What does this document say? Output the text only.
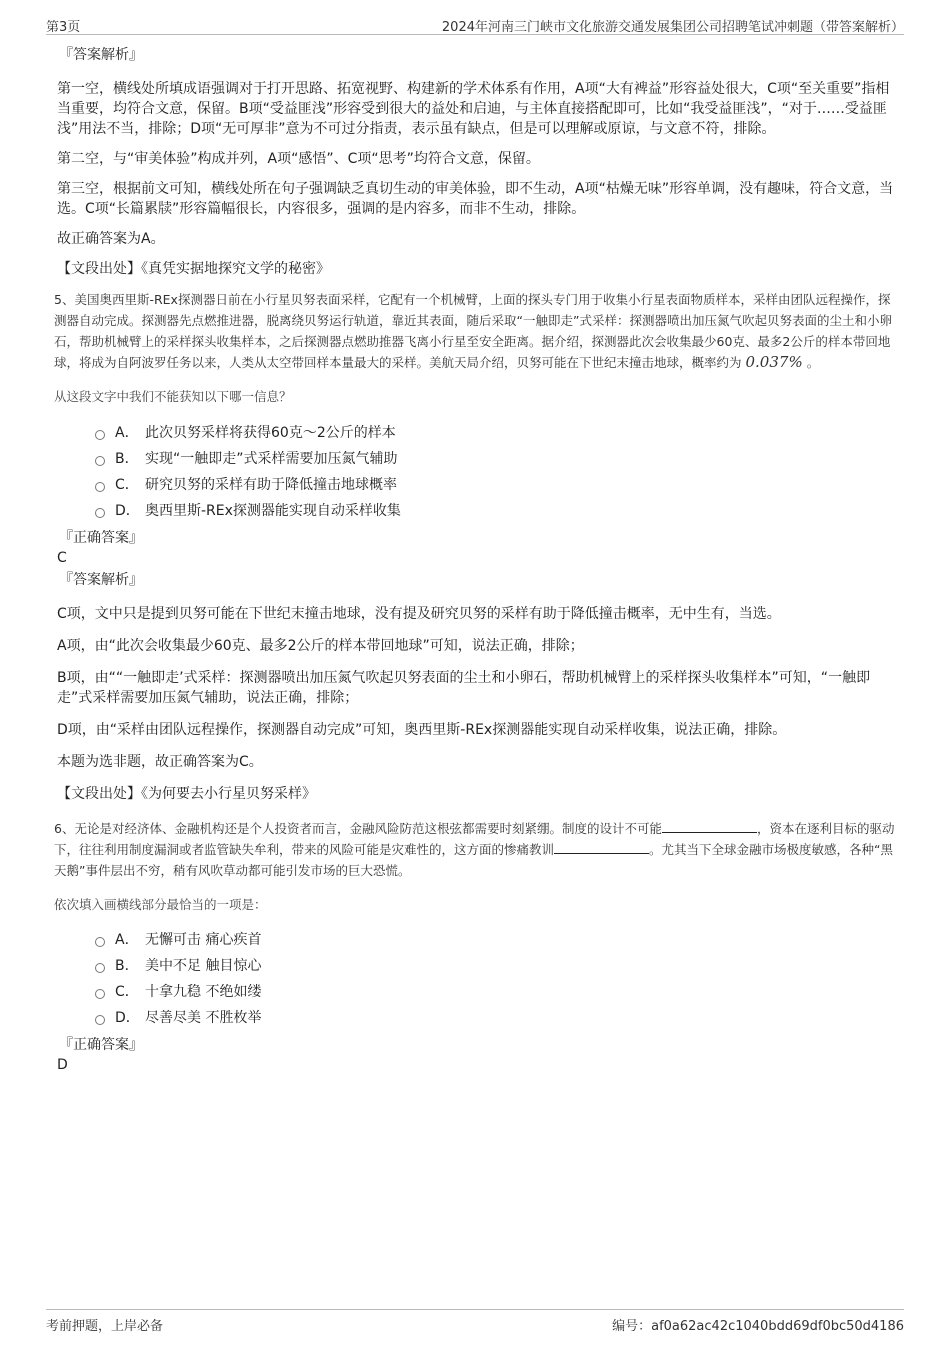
第3页	2024年河南三门峡市文化旅游交通发展集团公司招聘笔试冲刺题（带答案解析）

『答案解析』

第一空，横线处所填成语强调对于打开思路、拓宽视野、构建新的学术体系有作用，A项“大有裨益”形容益处很大，C项“至关重要”指相当重要，均符合文意，保留。B项“受益匪浅”形容受到很大的益处和启迪，与主体直接搭配即可，比如“我受益匪浅”，“对于……受益匪浅”用法不当，排除；D项“无可厚非”意为不可过分指责，表示虽有缺点，但是可以理解或原谅，与文意不符，排除。

第二空，与“审美体验”构成并列，A项“感悟”、C项“思考”均符合文意，保留。

第三空，根据前文可知，横线处所在句子强调缺乏真切生动的审美体验，即不生动，A项“枯燥无味”形容单调，没有趣味，符合文意，当选。C项“长篇累牍”形容篇幅很长，内容很多，强调的是内容多，而非不生动，排除。

故正确答案为A。

【文段出处】《真凭实据地探究文学的秘密》

5、美国奥西里斯-REx探测器日前在小行星贝努表面采样，它配有一个机械臂，上面的探头专门用于收集小行星表面物质样本，采样由团队远程操作，探测器自动完成。探测器先点燃推进器，脱离绕贝努运行轨道，靠近其表面，随后采取“一触即走”式采样：探测器喷出加压氮气吹起贝努表面的尘土和小卵石，帮助机械臂上的采样探头收集样本，之后探测器点燃助推器飞离小行星至安全距离。据介绍，探测器此次会收集最少60克、最多2公斤的样本带回地球，将成为自阿波罗任务以来，人类从太空带回样本量最大的采样。美航天局介绍，贝努可能在下世纪末撞击地球，概率约为 0.037% 。

从这段文字中我们不能获知以下哪一信息？

A． 此次贝努采样将获得60克～2公斤的样本
B． 实现“一触即走”式采样需要加压氮气辅助
C． 研究贝努的采样有助于降低撞击地球概率
D． 奥西里斯-REx探测器能实现自动采样收集

『正确答案』

C

『答案解析』

C项，文中只是提到贝努可能在下世纪末撞击地球，没有提及研究贝努的采样有助于降低撞击概率，无中生有，当选。

A项，由“此次会收集最少60克、最多2公斤的样本带回地球”可知，说法正确，排除；

B项，由““一触即走’式采样：探测器喷出加压氮气吹起贝努表面的尘土和小卵石，帮助机械臂上的采样探头收集样本”可知，“一触即走”式采样需要加压氮气辅助，说法正确，排除；

D项，由“采样由团队远程操作，探测器自动完成”可知，奥西里斯-REx探测器能实现自动采样收集，说法正确，排除。

本题为选非题，故正确答案为C。

【文段出处】《为何要去小行星贝努采样》

6、无论是对经济体、金融机构还是个人投资者而言，金融风险防范这根弦都需要时刻紧绷。制度的设计不可能	，资本在逐利目标的驱动下，往往利用制度漏洞或者监管缺失牟利，带来的风险可能是灾难性的，这方面的惨痛教训	。尤其当下全球金融市场极度敏感，各种“黑天鹅”事件层出不穷，稍有风吹草动都可能引发市场的巨大恐慌。

依次填入画横线部分最恰当的一项是：

A． 无懈可击 痛心疾首
B． 美中不足 触目惊心
C． 十拿九稳 不绝如缕
D． 尽善尽美 不胜枚举

『正确答案』

D

考前押题，上岸必备	编号：af0a62ac42c1040bdd69df0bc50d4186
